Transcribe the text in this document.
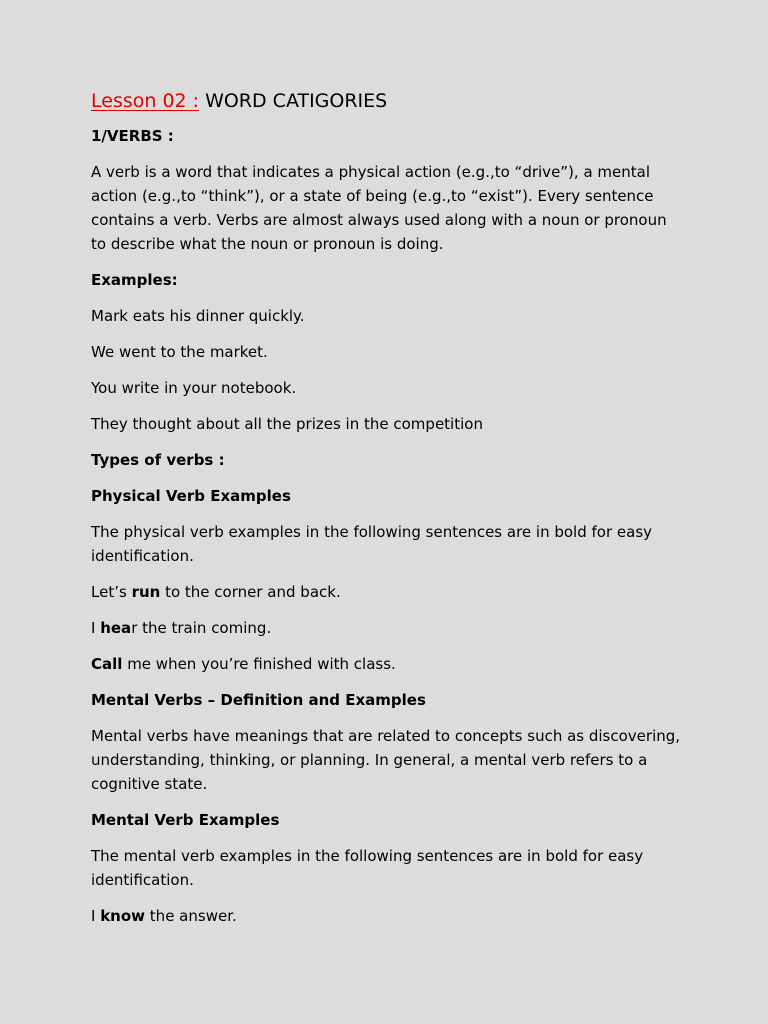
Lesson 02 : WORD CATIGORIES

1/VERBS :

A verb is a word that indicates a physical action (e.g.,to “drive”), a mental action (e.g.,to “think”), or a state of being (e.g.,to “exist”). Every sentence contains a verb. Verbs are almost always used along with a noun or pronoun to describe what the noun or pronoun is doing.

Examples:

Mark eats his dinner quickly.

We went to the market.

You write in your notebook.

They thought about all the prizes in the competition

Types of verbs :

Physical Verb Examples

The physical verb examples in the following sentences are in bold for easy identification.

Let’s run to the corner and back.

I hear the train coming.

Call me when you’re finished with class.

Mental Verbs – Definition and Examples

Mental verbs have meanings that are related to concepts such as discovering, understanding, thinking, or planning. In general, a mental verb refers to a cognitive state.

Mental Verb Examples

The mental verb examples in the following sentences are in bold for easy identification.

I know the answer.
